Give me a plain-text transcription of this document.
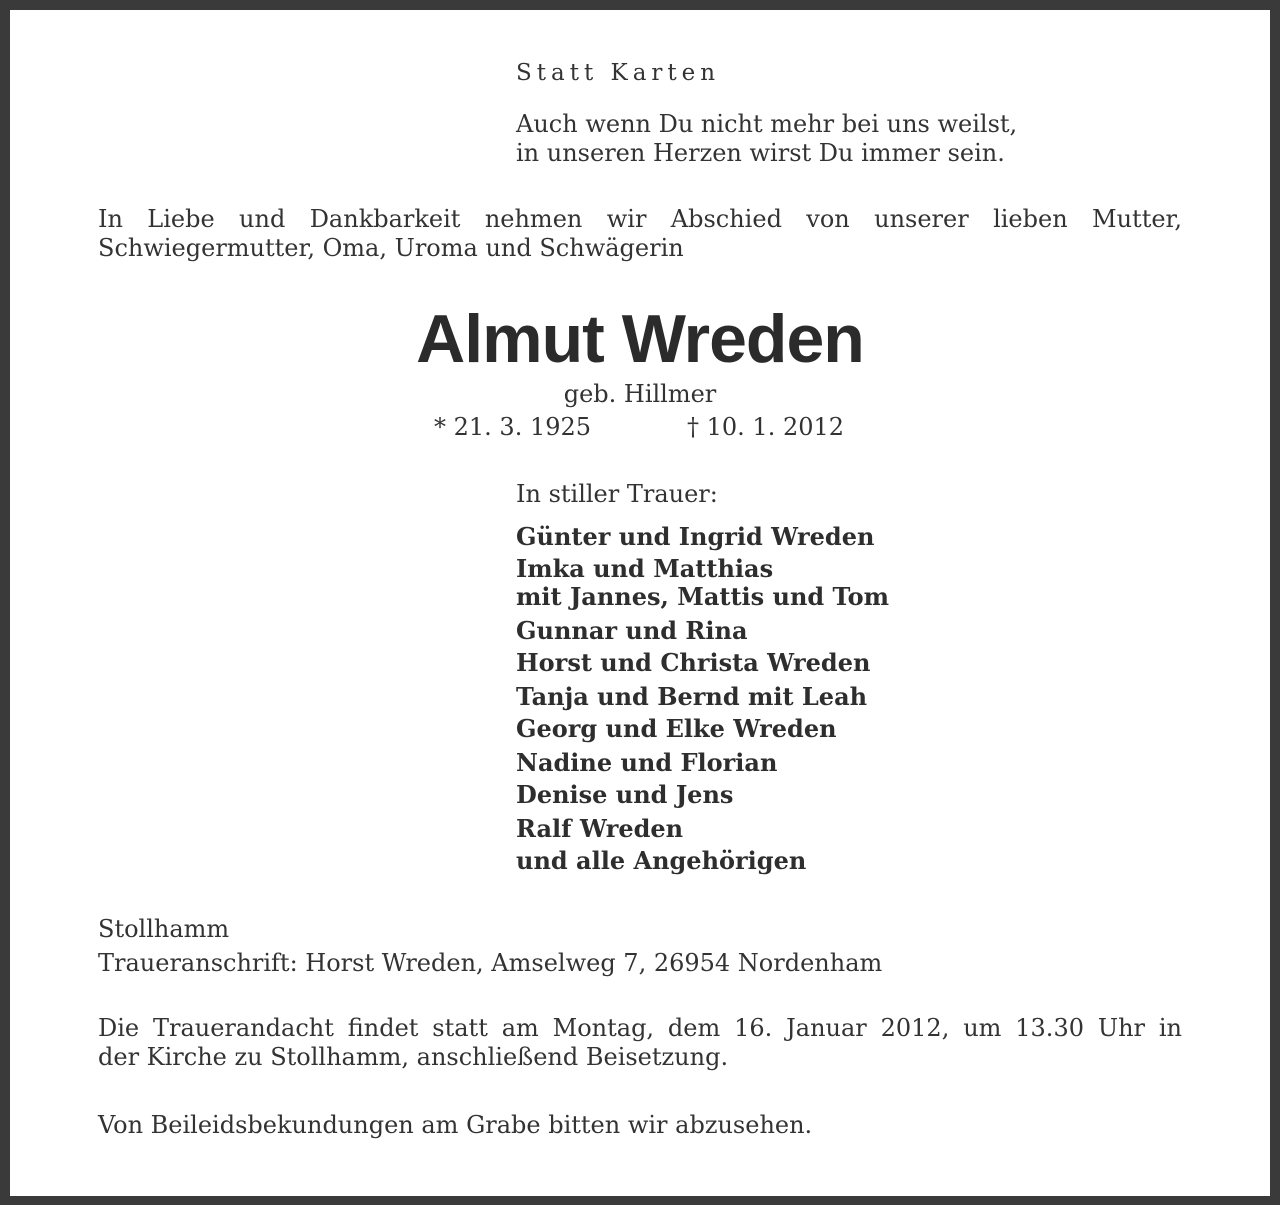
Statt Karten

Auch wenn Du nicht mehr bei uns weilst,
in unseren Herzen wirst Du immer sein.
In Liebe und Dankbarkeit nehmen wir Abschied von unserer lieben Mutter,
Schwiegermutter, Oma, Uroma und Schwägerin
Almut Wreden

geb. Hillmer

* 21. 3. 1925	† 10. 1. 2012

In stiller Trauer:

Günter und Ingrid Wreden
Imka und Matthias
mit Jannes, Mattis und Tom
Gunnar und Rina
Horst und Christa Wreden
Tanja und Bernd mit Leah
Georg und Elke Wreden
Nadine und Florian
Denise und Jens
Ralf Wreden
und alle Angehörigen

Stollhamm

Traueranschrift: Horst Wreden, Amselweg 7, 26954 Nordenham

Die Trauerandacht findet statt am Montag, dem 16. Januar 2012, um 13.30 Uhr in
der Kirche zu Stollhamm, anschließend Beisetzung.

Von Beileidsbekundungen am Grabe bitten wir abzusehen.
